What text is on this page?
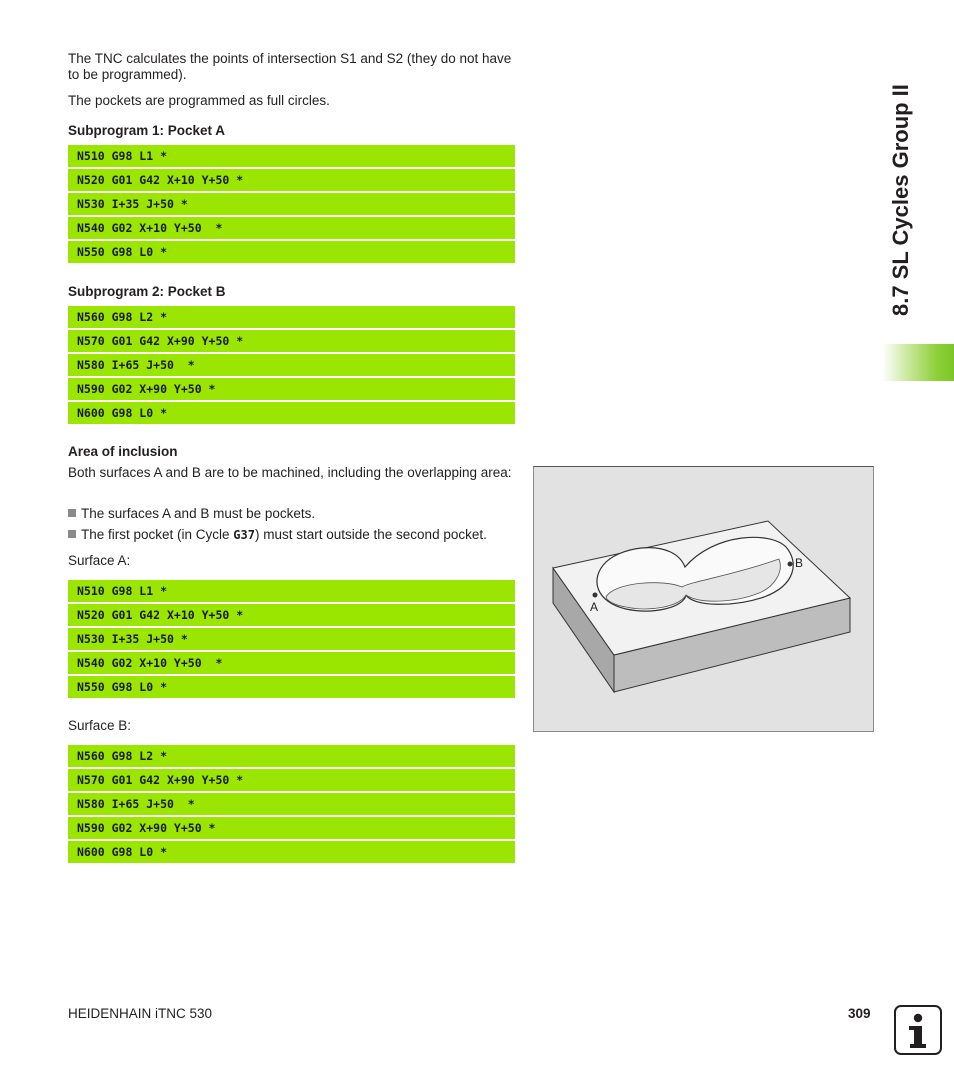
The TNC calculates the points of intersection S1 and S2 (they do not have to be programmed).
The pockets are programmed as full circles.
Subprogram 1: Pocket A
N510 G98 L1 *
N520 G01 G42 X+10 Y+50 *
N530 I+35 J+50 *
N540 G02 X+10 Y+50  *
N550 G98 L0 *
Subprogram 2: Pocket B
N560 G98 L2 *
N570 G01 G42 X+90 Y+50 *
N580 I+65 J+50  *
N590 G02 X+90 Y+50 *
N600 G98 L0 *
Area of inclusion
Both surfaces A and B are to be machined, including the overlapping area:
The surfaces A and B must be pockets.
The first pocket (in Cycle G37) must start outside the second pocket.
Surface A:
N510 G98 L1 *
N520 G01 G42 X+10 Y+50 *
N530 I+35 J+50 *
N540 G02 X+10 Y+50  *
N550 G98 L0 *
Surface B:
N560 G98 L2 *
N570 G01 G42 X+90 Y+50 *
N580 I+65 J+50  *
N590 G02 X+90 Y+50 *
N600 G98 L0 *
A
B
8.7 SL Cycles Group II
HEIDENHAIN iTNC 530	309
